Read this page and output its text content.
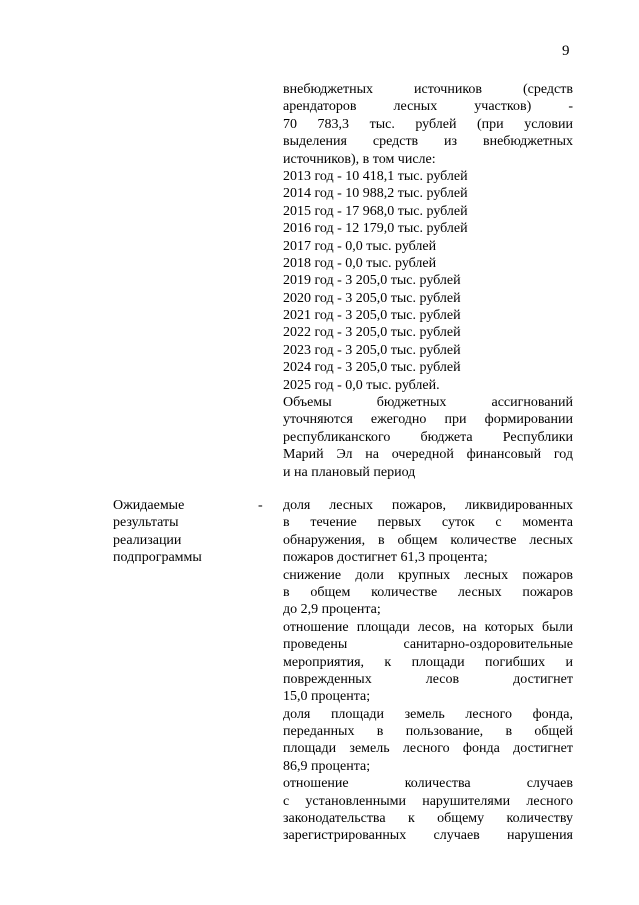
9
внебюджетных источников (средств
арендаторов лесных участков) -
70 783,3 тыс. рублей (при условии
выделения средств из внебюджетных
источников), в том числе:
2013 год - 10 418,1 тыс. рублей
2014 год - 10 988,2 тыс. рублей
2015 год - 17 968,0 тыс. рублей
2016 год - 12 179,0 тыс. рублей
2017 год - 0,0 тыс. рублей
2018 год - 0,0 тыс. рублей
2019 год - 3 205,0 тыс. рублей
2020 год - 3 205,0 тыс. рублей
2021 год - 3 205,0 тыс. рублей
2022 год - 3 205,0 тыс. рублей
2023 год - 3 205,0 тыс. рублей
2024 год - 3 205,0 тыс. рублей
2025 год - 0,0 тыс. рублей.
Объемы бюджетных ассигнований
уточняются ежегодно при формировании
республиканского бюджета Республики
Марий Эл на очередной финансовый год
и на плановый период
Ожидаемые
результаты
реализации
подпрограммы
- доля лесных пожаров, ликвидированных
в течение первых суток с момента
обнаружения, в общем количестве лесных
пожаров достигнет 61,3 процента;
снижение доли крупных лесных пожаров
в общем количестве лесных пожаров
до 2,9 процента;
отношение площади лесов, на которых были
проведены санитарно-оздоровительные
мероприятия, к площади погибших и
поврежденных лесов достигнет
15,0 процента;
доля площади земель лесного фонда,
переданных в пользование, в общей
площади земель лесного фонда достигнет
86,9 процента;
отношение количества случаев
с установленными нарушителями лесного
законодательства к общему количеству
зарегистрированных случаев нарушения
